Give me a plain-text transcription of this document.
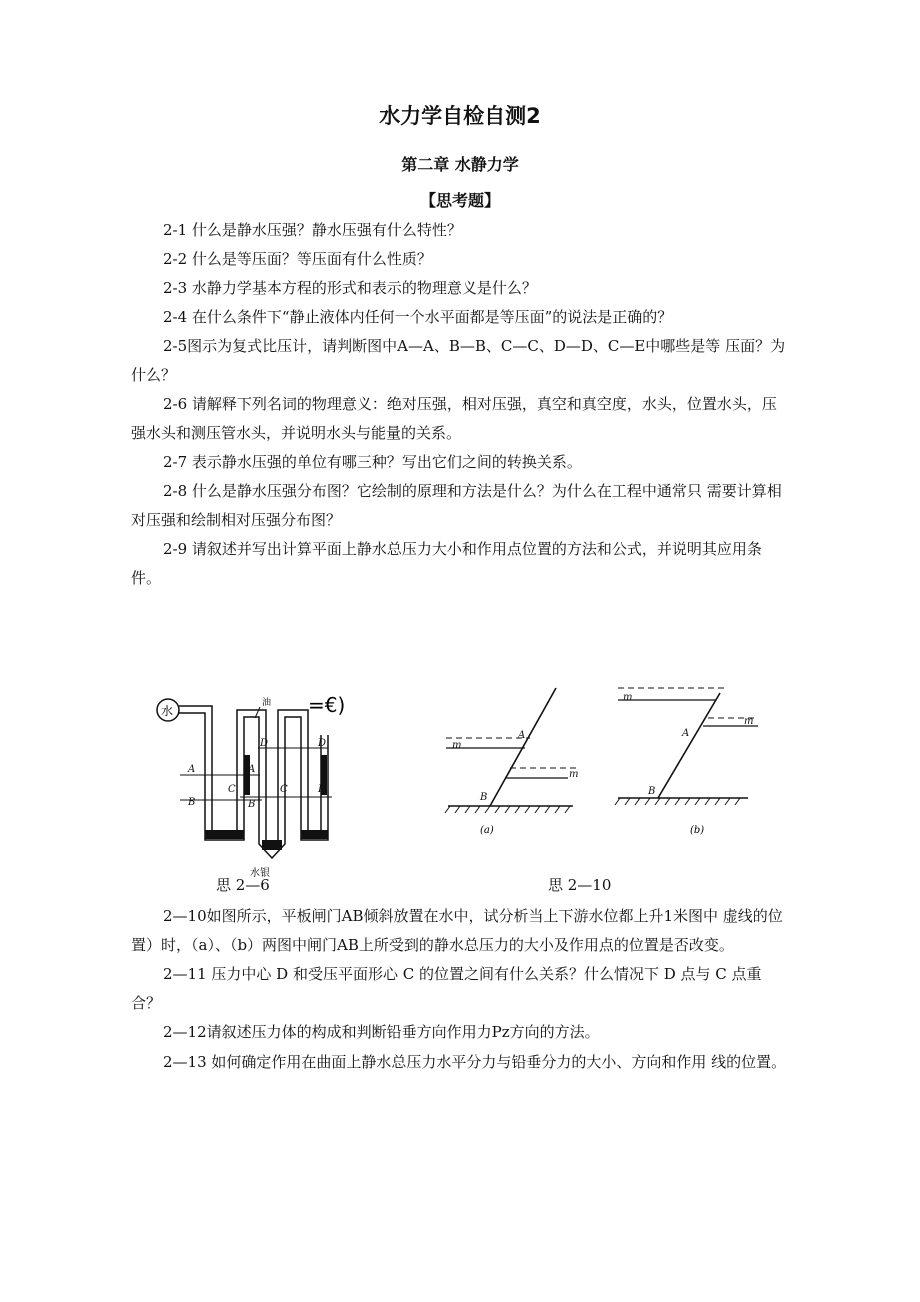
水力学自检自测2
第二章 水静力学
【思考题】

2-1 什么是静水压强？静水压强有什么特性？

2-2 什么是等压面？等压面有什么性质？

2-3 水静力学基本方程的形式和表示的物理意义是什么？

2-4 在什么条件下“静止液体内任何一个水平面都是等压面”的说法是正确的？

2-5图示为复式比压计，请判断图中A—A、B—B、C—C、D—D、C—E中哪些是等 压面？为什么？

2-6 请解释下列名词的物理意义：绝对压强，相对压强，真空和真空度，水头，位置水头，压强水头和测压管水头，并说明水头与能量的关系。

2-7 表示静水压强的单位有哪三种？写出它们之间的转换关系。

2-8 什么是静水压强分布图？它绘制的原理和方法是什么？为什么在工程中通常只 需要计算相对压强和绘制相对压强分布图？

2-9 请叙述并写出计算平面上静水总压力大小和作用点位置的方法和公式，并说明其应用条件。

水
A	A
B	B
C	C
D	D
E
油
水银
=€)
m
m
A
B
(a)
m
m
A
B
(b)
思 2—6	思 2—10

2—10如图所示，平板闸门AB倾斜放置在水中，试分析当上下游水位都上升1米图中 虚线的位置）时，（a）、（b）两图中闸门AB上所受到的静水总压力的大小及作用点的位置是否改变。

2—11 压力中心 D 和受压平面形心 C 的位置之间有什么关系？什么情况下 D 点与 C 点重合？

2—12请叙述压力体的构成和判断铅垂方向作用力Pz方向的方法。

2—13 如何确定作用在曲面上静水总压力水平分力与铅垂分力的大小、方向和作用 线的位置。
